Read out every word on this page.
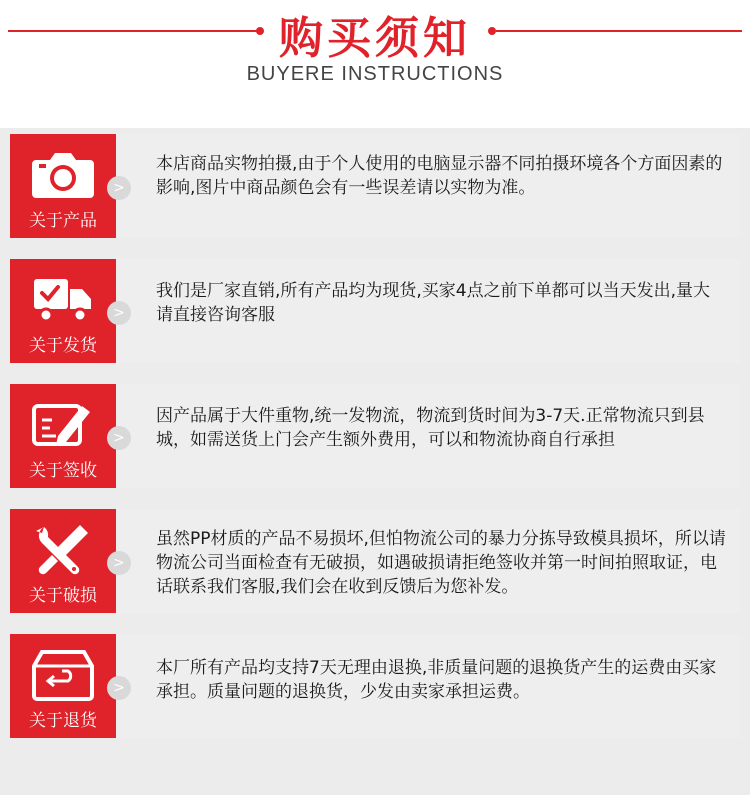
购买须知
BUYERE INSTRUCTIONS
关于产品
>
本店商品实物拍摄,由于个人使用的电脑显示器不同拍摄环境各个方面因素的影响,图片中商品颜色会有一些误差请以实物为准。
关于发货
>
我们是厂家直销,所有产品均为现货,买家4点之前下单都可以当天发出,量大请直接咨询客服
关于签收
>
因产品属于大件重物,统一发物流，物流到货时间为3-7天.正常物流只到县城，如需送货上门会产生额外费用，可以和物流协商自行承担
关于破损
>
虽然PP材质的产品不易损坏,但怕物流公司的暴力分拣导致模具损坏，所以请物流公司当面检查有无破损，如遇破损请拒绝签收并第一时间拍照取证，电话联系我们客服,我们会在收到反馈后为您补发。
关于退货
>
本厂所有产品均支持7天无理由退换,非质量问题的退换货产生的运费由买家承担。质量问题的退换货，少发由卖家承担运费。
